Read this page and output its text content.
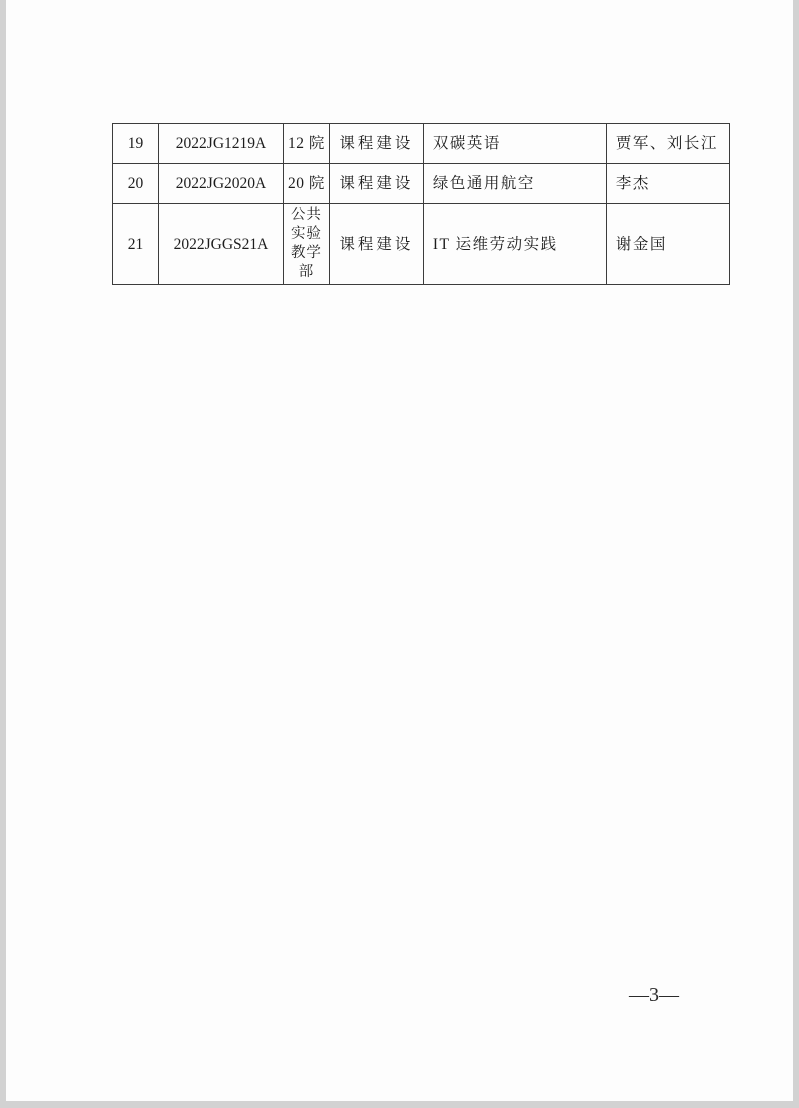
19	2022JG1219A	12 院	课程建设	双碳英语	贾军、刘长江
20	2022JG2020A	20 院	课程建设	绿色通用航空	李杰
21	2022JGGS21A	公共实验教学部	课程建设	IT 运维劳动实践	谢金国
—3—
